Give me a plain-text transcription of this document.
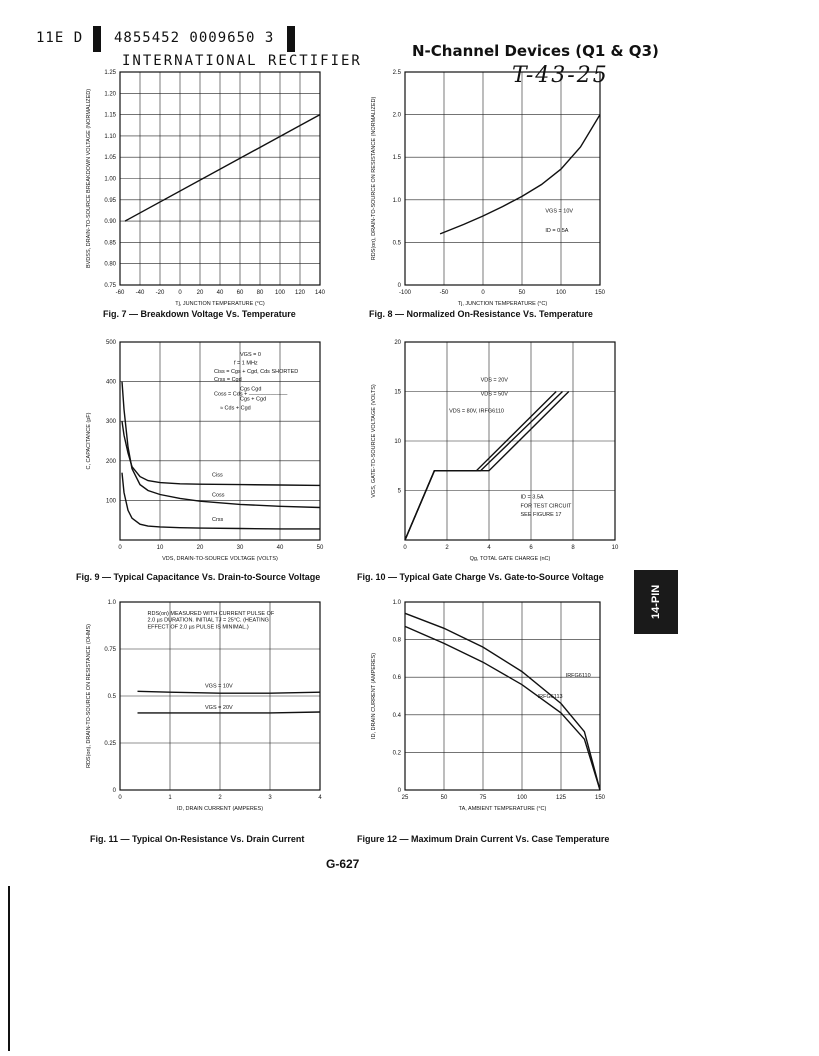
11E D 4855452 0009650 3
INTERNATIONAL RECTIFIER
N-Channel Devices (Q1 & Q3)
T-43-25
14-PIN
-60 -40 -20 0 20 40 60 80 100 120 140
0.75
0.80
0.85
0.90
0.95
1.00
1.05
1.10
1.15
1.20
1.25
Tj, JUNCTION TEMPERATURE (°C)
BVDSS, DRAIN-TO-SOURCE BREAKDOWN VOLTAGE (NORMALIZED)
-100	-50	0	50	100	150
0
0.5
1.0
1.5
2.0
2.5
Tj, JUNCTION TEMPERATURE (°C)
RDS(on), DRAIN-TO-SOURCE ON RESISTANCE (NORMALIZED)	VGS = 10V
ID = 0.5A
0	10	20	30	40	50
100
200
300
400
500
VDS, DRAIN-TO-SOURCE VOLTAGE (VOLTS)
C, CAPACITANCE (pF)
VGS = 0
f = 1 MHz
Ciss = Cgs + Cgd, Cds SHORTED
Crss = Cgd
Cgs Cgd
Coss = Cds + ———————
Cgs + Cgd
≈ Cds + Cgd
Ciss
Coss
Crss
0	2	4	6	8	10
5
10
15
20
Qg, TOTAL GATE CHARGE (nC)
VGS, GATE-TO-SOURCE VOLTAGE (VOLTS)
VDS = 20V
VDS = 50V
VDS = 80V, IRFG6110
ID = 3.5A
FOR TEST CIRCUIT
SEE FIGURE 17
0	1	2	3	4
0
0.25
0.5
0.75
1.0
ID, DRAIN CURRENT (AMPERES)
RDS(on), DRAIN-TO-SOURCE ON RESISTANCE (OHMS)
RDS(on) MEASURED WITH CURRENT PULSE OF
2.0 µs DURATION. INITIAL TJ = 25°C. (HEATING
EFFECT OF 2.0 µs PULSE IS MINIMAL.)
VGS = 10V
VGS = 20V
25	50	75	100	125	150
0
0.2
0.4
0.6
0.8
1.0
TA, AMBIENT TEMPERATURE (°C)
ID, DRAIN CURRENT (AMPERES)	IRFG6110
IRFG6113
Fig. 7 — Breakdown Voltage Vs. Temperature	Fig. 8 — Normalized On-Resistance Vs. Temperature
Fig. 9 — Typical Capacitance Vs. Drain-to-Source Voltage	Fig. 10 — Typical Gate Charge Vs. Gate-to-Source Voltage
Fig. 11 — Typical On-Resistance Vs. Drain Current	Figure 12 — Maximum Drain Current Vs. Case Temperature
G-627
